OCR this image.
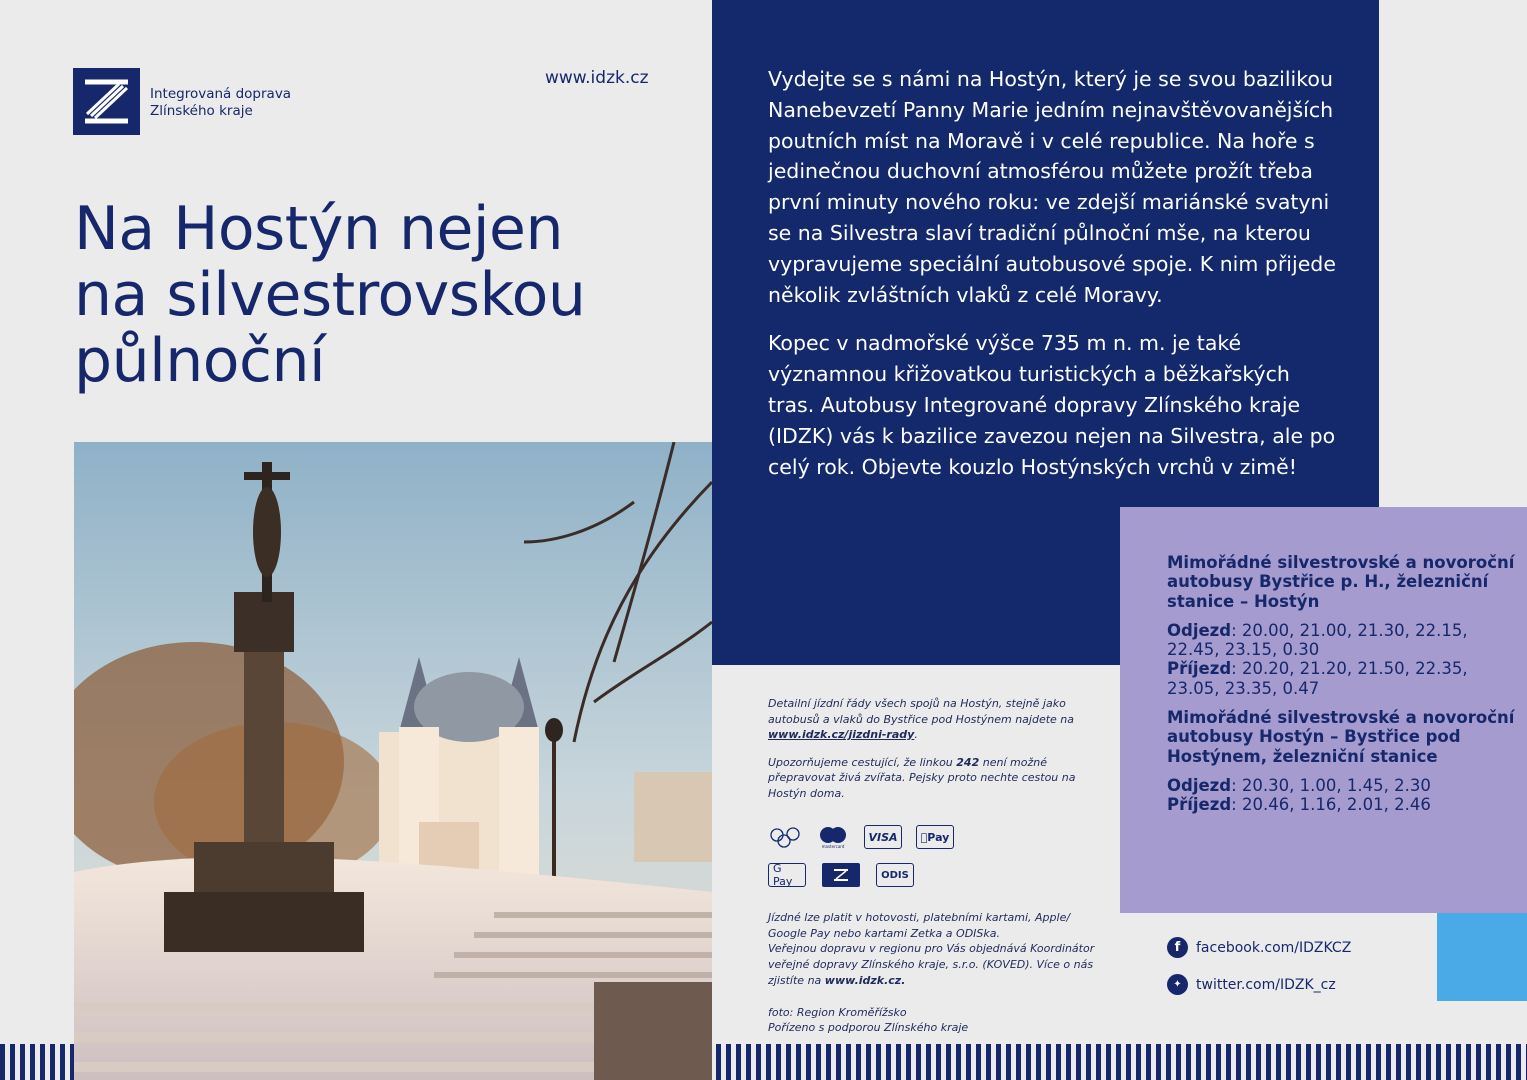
Integrovaná doprava
Zlínského kraje
www.idzk.cz
Na Hostýn nejen
na silvestrovskou
půlnoční

Vydejte se s námi na Hostýn, který je se svou bazilikou Nanebevzetí Panny Marie jedním nejnavštěvovanějších poutních míst na Moravě i v celé republice. Na hoře s jedinečnou duchovní atmosférou můžete prožít třeba první minuty nového roku: ve zdejší mariánské svatyni se na Silvestra slaví tradiční půlnoční mše, na kterou vypravujeme speciální autobusové spoje. K nim přijede několik zvláštních vlaků z celé Moravy.

Kopec v nadmořské výšce 735 m n. m. je také významnou křižovatkou turistických a běžkařských tras. Autobusy Integrované dopravy Zlínského kraje (IDZK) vás k bazilice zavezou nejen na Silvestra, ale po celý rok. Objevte kouzlo Hostýnských vrchů v zimě!

Mimořádné silvestrovské a novoroční autobusy Bystřice p. H., železniční stanice – Hostýn
Odjezd: 20.00, 21.00, 21.30, 22.15, 22.45, 23.15, 0.30
Příjezd: 20.20, 21.20, 21.50, 22.35, 23.05, 23.35, 0.47
Mimořádné silvestrovské a novoroční autobusy Hostýn – Bystřice pod Hostýnem, železniční stanice
Odjezd: 20.30, 1.00, 1.45, 2.30
Příjezd: 20.46, 1.16, 2.01, 2.46

Detailní jízdní řády všech spojů na Hostýn, stejně jako autobusů a vlaků do Bystřice pod Hostýnem najdete na www.idzk.cz/jizdni-rady.

Upozorňujeme cestující, že linkou 242 není možné přepravovat živá zvířata. Pejsky proto nechte cestou na Hostýn doma.

mastercard
VISA	Pay
G Pay	ODIS
Jízdné lze platit v hotovosti, platebními kartami, Apple/ Google Pay nebo kartami Zetka a ODISka.
Veřejnou dopravu v regionu pro Vás objednává Koordinátor veřejné dopravy Zlínského kraje, s.r.o. (KOVED). Více o nás zjistíte na www.idzk.cz.
foto: Region Kroměřížsko
Pořízeno s podporou Zlínského kraje
f	facebook.com/IDZKCZ
✦	twitter.com/IDZK_cz
